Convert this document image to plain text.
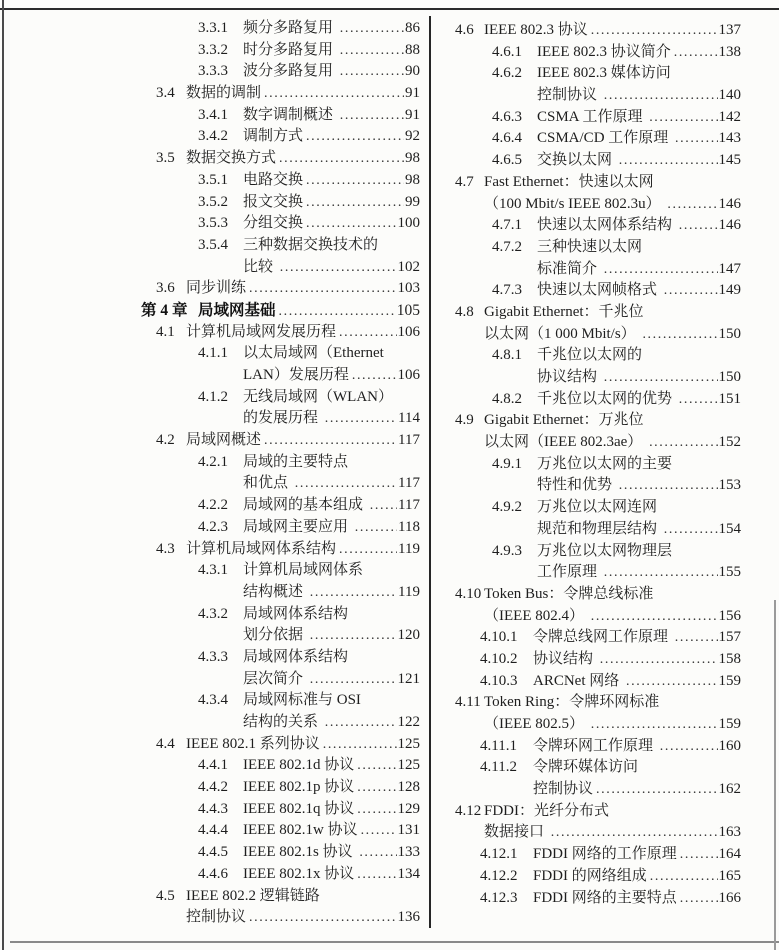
3.3.1	频分多路复用 .....	86
3.3.2	时分多路复用 .....	88
3.3.3	波分多路复用 .....	90
3.4 数据的调制 .....	91
3.4.1	数字调制概述 .....	91
3.4.2	调制方式 .....	92
3.5 数据交换方式 .....	98
3.5.1	电路交换 .....	98
3.5.2	报文交换 .....	99
3.5.3	分组交换 .....	100
3.5.4	三种数据交换技术的
比较 .....	102
3.6 同步训练 .....	103
第 4 章 局域网基础 .....	105
4.1 计算机局域网发展历程 .....	106
4.1.1	以太局域网（Ethernet
LAN）发展历程 .....	106
4.1.2	无线局域网（WLAN）
的发展历程 .....	114
4.2 局域网概述 .....	117
4.2.1	局域的主要特点
和优点 .....	117
4.2.2	局域网的基本组成 ..... 117
4.2.3	局域网主要应用 .....	118
4.3 计算机局域网体系结构 .....	119
4.3.1	计算机局域网体系
结构概述 .....	119
4.3.2	局域网体系结构
划分依据 .....	120
4.3.3	局域网体系结构
层次简介 .....	121
4.3.4	局域网标准与 OSI
结构的关系 .....	122
4.4 IEEE 802.1 系列协议 .....	125
4.4.1	IEEE 802.1d 协议 .....	125
4.4.2	IEEE 802.1p 协议 .....	128
4.4.3	IEEE 802.1q 协议 .....	129
4.4.4	IEEE 802.1w 协议 .....	131
4.4.5	IEEE 802.1s 协议 .....	133
4.4.6	IEEE 802.1x 协议 .....	134
4.5 IEEE 802.2 逻辑链路
控制协议 .....	136
4.6 IEEE 802.3 协议 .....	137
4.6.1	IEEE 802.3 协议简介 .....	138
4.6.2	IEEE 802.3 媒体访问
控制协议 .....	140
4.6.3	CSMA 工作原理 .....	142
4.6.4	CSMA/CD 工作原理 .....	143
4.6.5	交换以太网 .....	145
4.7 Fast Ethernet：快速以太网
（100 Mbit/s IEEE 802.3u） .....	146
4.7.1	快速以太网体系结构 .....	146
4.7.2	三种快速以太网
标准简介 .....	147
4.7.3	快速以太网帧格式 .....	149
4.8 Gigabit Ethernet：千兆位
以太网（1 000 Mbit/s） .....	150
4.8.1	千兆位以太网的
协议结构 .....	150
4.8.2	千兆位以太网的优势 .....	151
4.9 Gigabit Ethernet：万兆位
以太网（IEEE 802.3ae） .....	152
4.9.1	万兆位以太网的主要
特性和优势 .....	153
4.9.2	万兆位以太网连网
规范和物理层结构 .....	154
4.9.3	万兆位以太网物理层
工作原理 .....	155
4.10 Token Bus：令牌总线标准
（IEEE 802.4） .....	156
4.10.1	令牌总线网工作原理 .....	157
4.10.2	协议结构 .....	158
4.10.3	ARCNet 网络 .....	159
4.11 Token Ring：令牌环网标准
（IEEE 802.5） .....	159
4.11.1	令牌环网工作原理 .....	160
4.11.2	令牌环媒体访问
控制协议 .....	162
4.12 FDDI：光纤分布式
数据接口 .....	163
4.12.1	FDDI 网络的工作原理 .....	164
4.12.2	FDDI 的网络组成 .....	165
4.12.3	FDDI 网络的主要特点 .....	166
